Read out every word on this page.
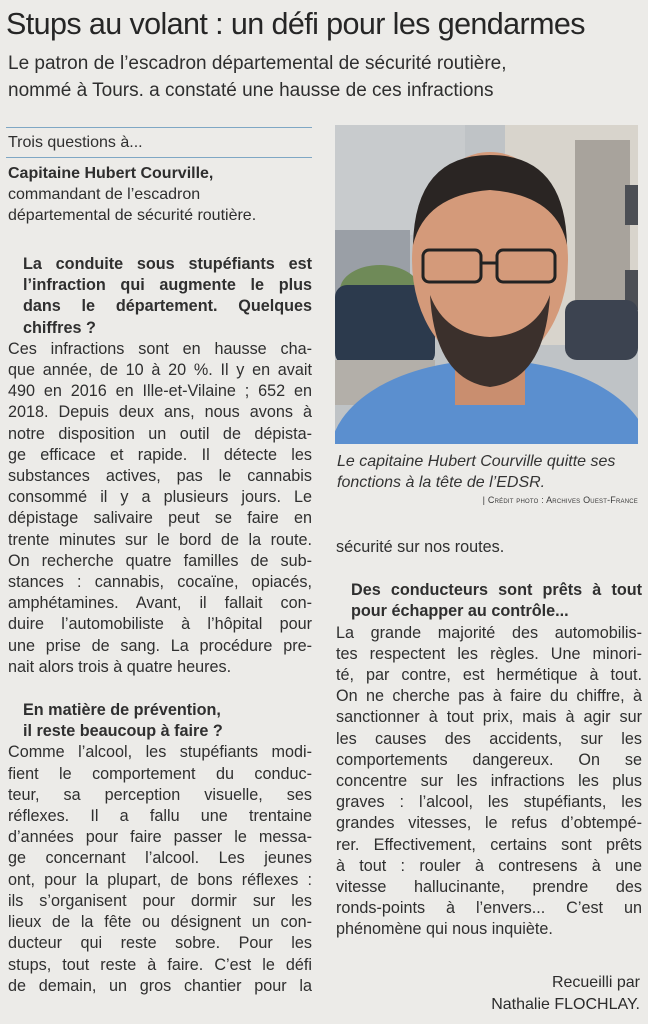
Stups au volant : un défi pour les gendarmes
Le patron de l’escadron départemental de sécurité routière,
nommé à Tours. a constaté une hausse de ces infractions
Trois questions à...
Capitaine Hubert Courville,
commandant de l’escadron
départemental de sécurité routière.
La conduite sous stupéfiants est
l’infraction qui augmente le plus
dans le département. Quelques
chiffres ?
Ces infractions sont en hausse cha-
que année, de 10 à 20 %. Il y en avait
490 en 2016 en Ille-et-Vilaine ; 652 en
2018. Depuis deux ans, nous avons à
notre disposition un outil de dépista-
ge efficace et rapide. Il détecte les
substances actives, pas le cannabis
consommé il y a plusieurs jours. Le
dépistage salivaire peut se faire en
trente minutes sur le bord de la route.
On recherche quatre familles de sub-
stances : cannabis, cocaïne, opiacés,
amphétamines. Avant, il fallait con-
duire l’automobiliste à l’hôpital pour
une prise de sang. La procédure pre-
nait alors trois à quatre heures.
En matière de prévention,
il reste beaucoup à faire ?
Comme l’alcool, les stupéfiants modi-
fient le comportement du conduc-
teur, sa perception visuelle, ses
réflexes. Il a fallu une trentaine
d’années pour faire passer le messa-
ge concernant l’alcool. Les jeunes
ont, pour la plupart, de bons réflexes :
ils s’organisent pour dormir sur les
lieux de la fête ou désignent un con-
ducteur qui reste sobre. Pour les
stups, tout reste à faire. C’est le défi
de demain, un gros chantier pour la
Le capitaine Hubert Courville quitte ses
fonctions à la tête de l’EDSR.
| Crédit photo : Archives Ouest-France
sécurité sur nos routes.
Des conducteurs sont prêts à tout
pour échapper au contrôle...
La grande majorité des automobilis-
tes respectent les règles. Une minori-
té, par contre, est hermétique à tout.
On ne cherche pas à faire du chiffre, à
sanctionner à tout prix, mais à agir sur
les causes des accidents, sur les
comportements dangereux. On se
concentre sur les infractions les plus
graves : l’alcool, les stupéfiants, les
grandes vitesses, le refus d’obtempé-
rer. Effectivement, certains sont prêts
à tout : rouler à contresens à une
vitesse hallucinante, prendre des
ronds-points à l’envers... C’est un
phénomène qui nous inquiète.
Recueilli par
Nathalie FLOCHLAY.
